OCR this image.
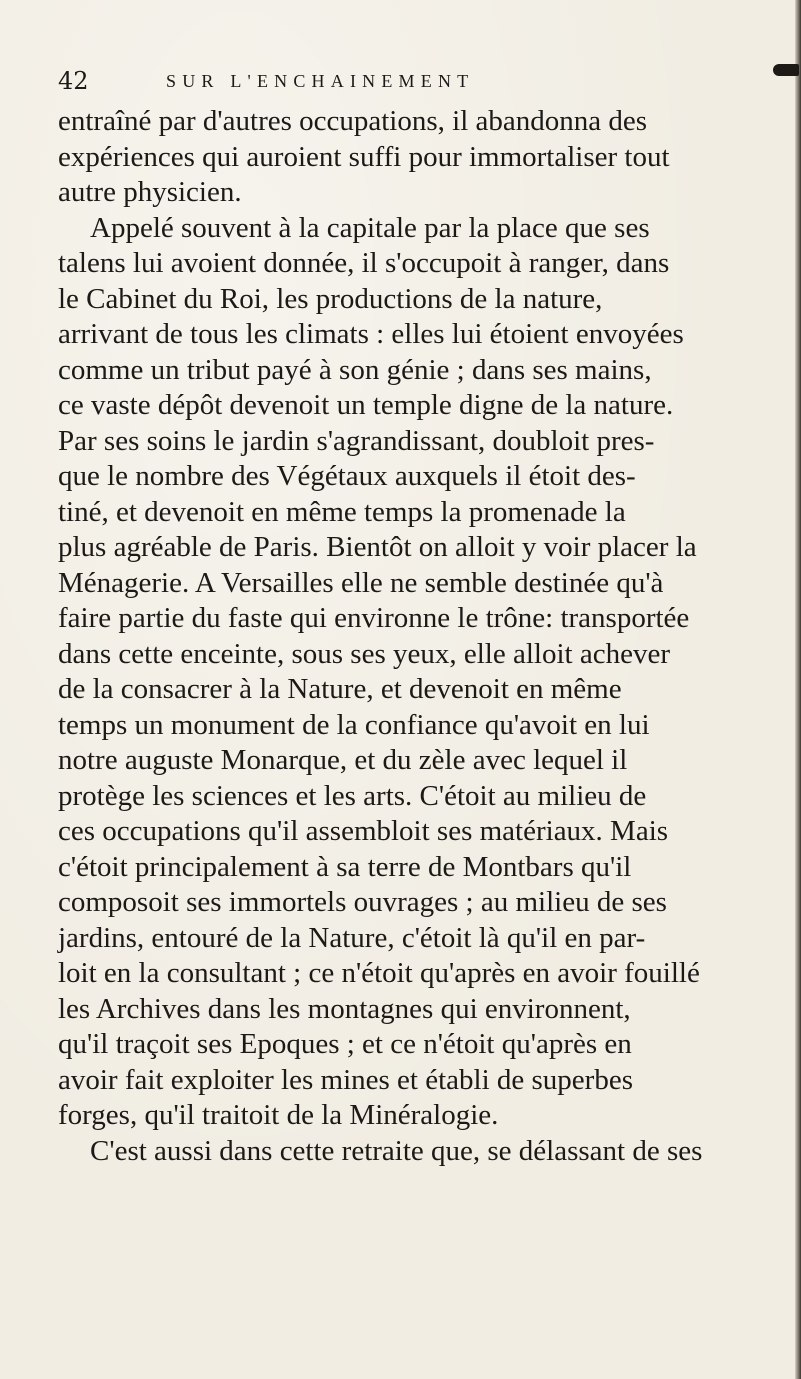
42	SUR L'ENCHAINEMENT
entraîné par d'autres occupations, il abandonna des
expériences qui auroient suffi pour immortaliser tout
autre physicien.
Appelé souvent à la capitale par la place que ses
talens lui avoient donnée, il s'occupoit à ranger, dans
le Cabinet du Roi, les productions de la nature,
arrivant de tous les climats : elles lui étoient envoyées
comme un tribut payé à son génie ; dans ses mains,
ce vaste dépôt devenoit un temple digne de la nature.
Par ses soins le jardin s'agrandissant, doubloit pres-
que le nombre des Végétaux auxquels il étoit des-
tiné, et devenoit en même temps la promenade la
plus agréable de Paris. Bientôt on alloit y voir placer la
Ménagerie. A Versailles elle ne semble destinée qu'à
faire partie du faste qui environne le trône: transportée
dans cette enceinte, sous ses yeux, elle alloit achever
de la consacrer à la Nature, et devenoit en même
temps un monument de la confiance qu'avoit en lui
notre auguste Monarque, et du zèle avec lequel il
protège les sciences et les arts. C'étoit au milieu de
ces occupations qu'il assembloit ses matériaux. Mais
c'étoit principalement à sa terre de Montbars qu'il
composoit ses immortels ouvrages ; au milieu de ses
jardins, entouré de la Nature, c'étoit là qu'il en par-
loit en la consultant ; ce n'étoit qu'après en avoir fouillé
les Archives dans les montagnes qui environnent,
qu'il traçoit ses Epoques ; et ce n'étoit qu'après en
avoir fait exploiter les mines et établi de superbes
forges, qu'il traitoit de la Minéralogie.
C'est aussi dans cette retraite que, se délassant de ses
